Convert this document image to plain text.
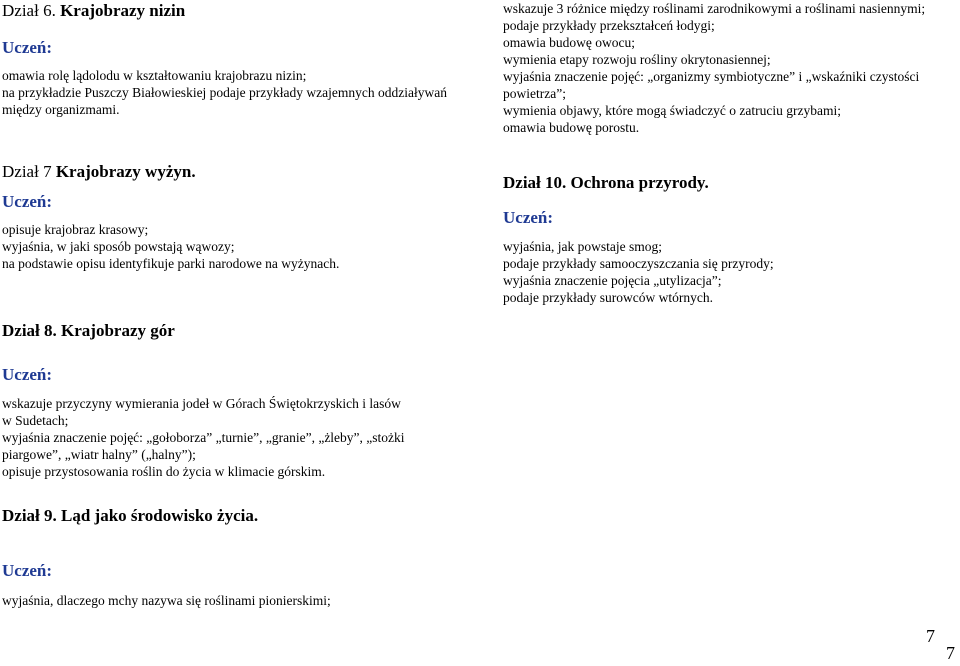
Dział 6. Krajobrazy nizin
Uczeń:
omawia rolę lądolodu w kształtowaniu krajobrazu nizin;
na przykładzie Puszczy Białowieskiej podaje przykłady wzajemnych oddziaływań
między organizmami.
wskazuje 3 różnice między roślinami zarodnikowymi a roślinami nasiennymi;
podaje przykłady przekształceń łodygi;
omawia budowę owocu;
wymienia etapy rozwoju rośliny okrytonasiennej;
wyjaśnia znaczenie pojęć: „organizmy symbiotyczne” i „wskaźniki czystości
powietrza”;
wymienia objawy, które mogą świadczyć o zatruciu grzybami;
omawia budowę porostu.
Dział 7 Krajobrazy wyżyn.
Uczeń:
opisuje krajobraz krasowy;
wyjaśnia, w jaki sposób powstają wąwozy;
na podstawie opisu identyfikuje parki narodowe na wyżynach.
Dział 10. Ochrona przyrody.
Uczeń:
wyjaśnia, jak powstaje smog;
podaje przykłady samooczyszczania się przyrody;
wyjaśnia znaczenie pojęcia „utylizacja”;
podaje przykłady surowców wtórnych.
Dział 8. Krajobrazy gór
Uczeń:
wskazuje przyczyny wymierania jodeł w Górach Świętokrzyskich i lasów
w Sudetach;
wyjaśnia znaczenie pojęć: „gołoborza” „turnie”, „granie”, „żleby”, „stożki
piargowe”, „wiatr halny” („halny”);
opisuje przystosowania roślin do życia w klimacie górskim.
Dział 9. Ląd jako środowisko życia.
Uczeń:
wyjaśnia, dlaczego mchy nazywa się roślinami pionierskimi;
7
7
